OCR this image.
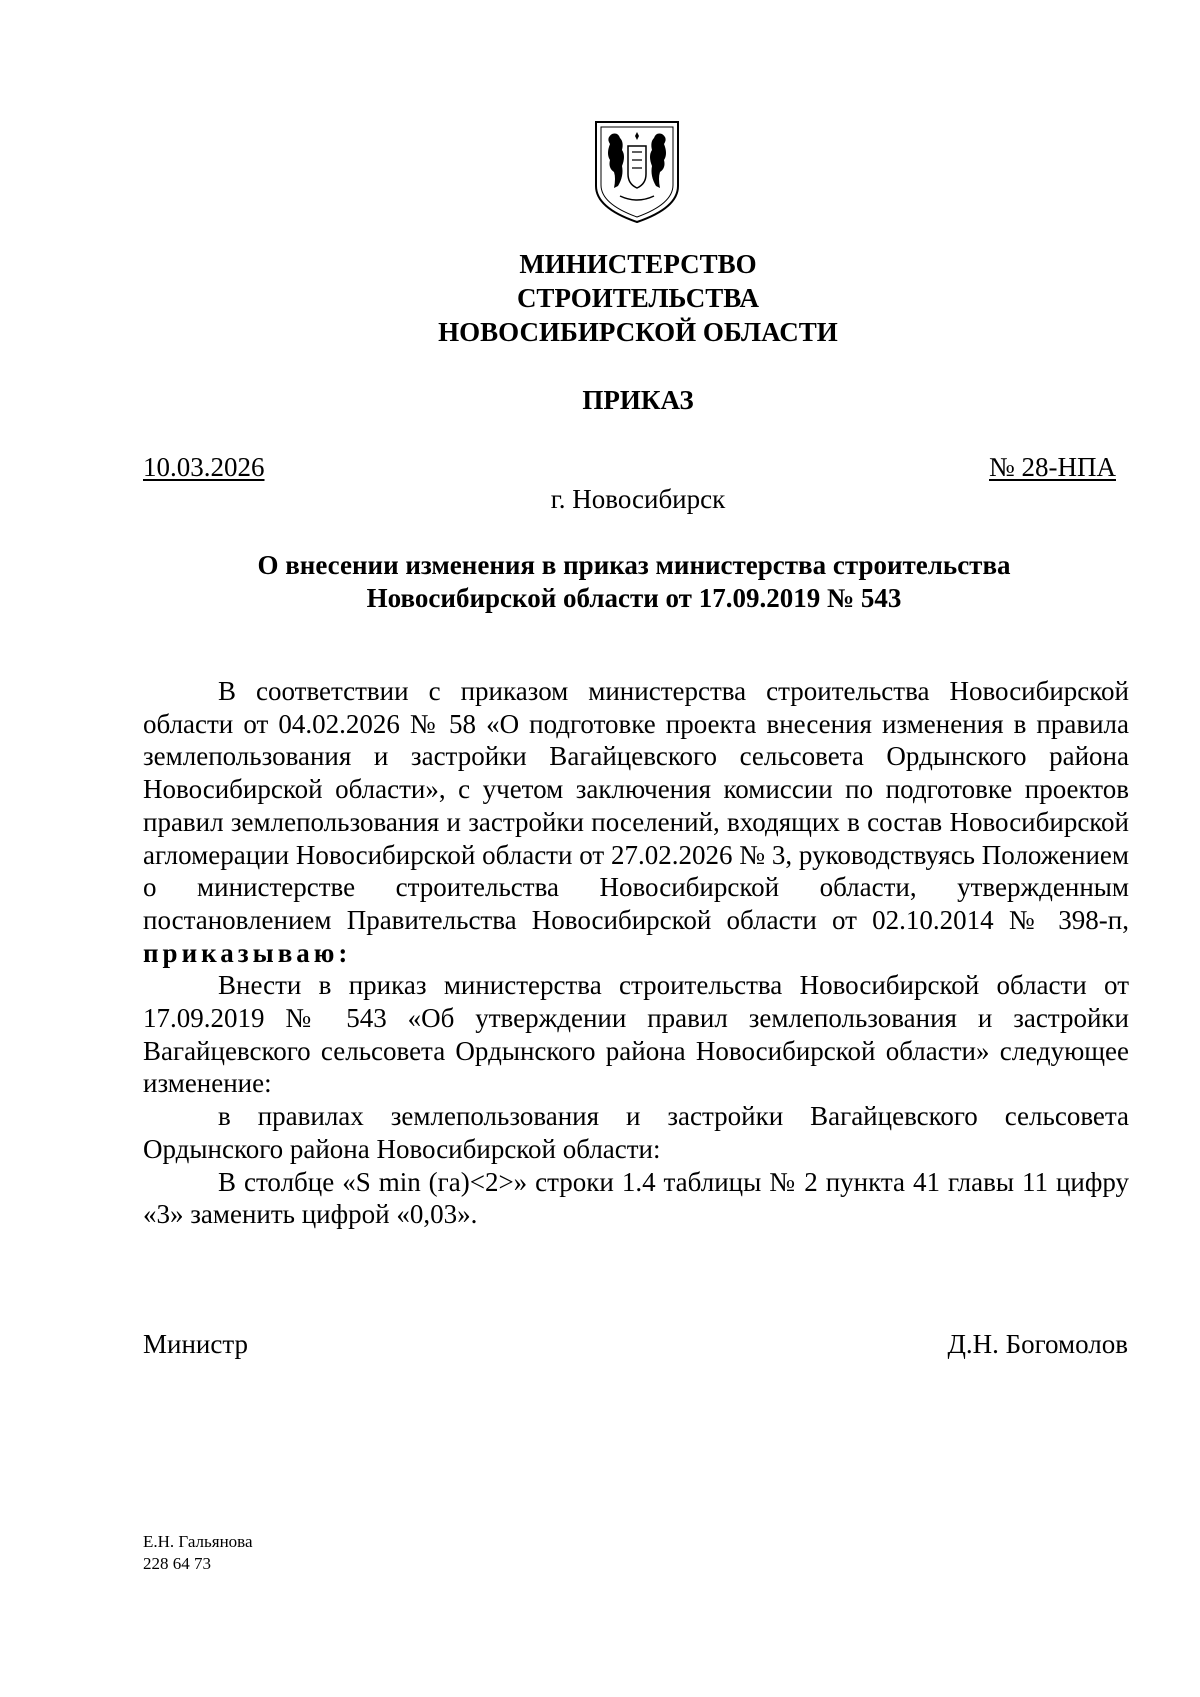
МИНИСТЕРСТВО
СТРОИТЕЛЬСТВА
НОВОСИБИРСКОЙ ОБЛАСТИ
ПРИКАЗ
10.03.2026	№ 28-НПА
г. Новосибирск
О внесении изменения в приказ министерства строительства
Новосибирской области от 17.09.2019 № 543

В соответствии с приказом министерства строительства Новосибирской области от 04.02.2026 № 58 «О подготовке проекта внесения изменения в правила землепользования и застройки Вагайцевского сельсовета Ордынского района Новосибирской области», с учетом заключения комиссии по подготовке проектов правил землепользования и застройки поселений, входящих в состав Новосибирской агломерации Новосибирской области от 27.02.2026 № 3, руководствуясь Положением о министерстве строительства Новосибирской области, утвержденным постановлением Правительства Новосибирской области от 02.10.2014 № 398-п, приказываю:

Внести в приказ министерства строительства Новосибирской области от 17.09.2019 № 543 «Об утверждении правил землепользования и застройки Вагайцевского сельсовета Ордынского района Новосибирской области» следующее изменение:

в правилах землепользования и застройки Вагайцевского сельсовета Ордынского района Новосибирской области:

В столбце «S min (га)<2>» строки 1.4 таблицы № 2 пункта 41 главы 11 цифру «3» заменить цифрой «0,03».

Министр	Д.Н. Богомолов
Е.Н. Гальянова
228 64 73
